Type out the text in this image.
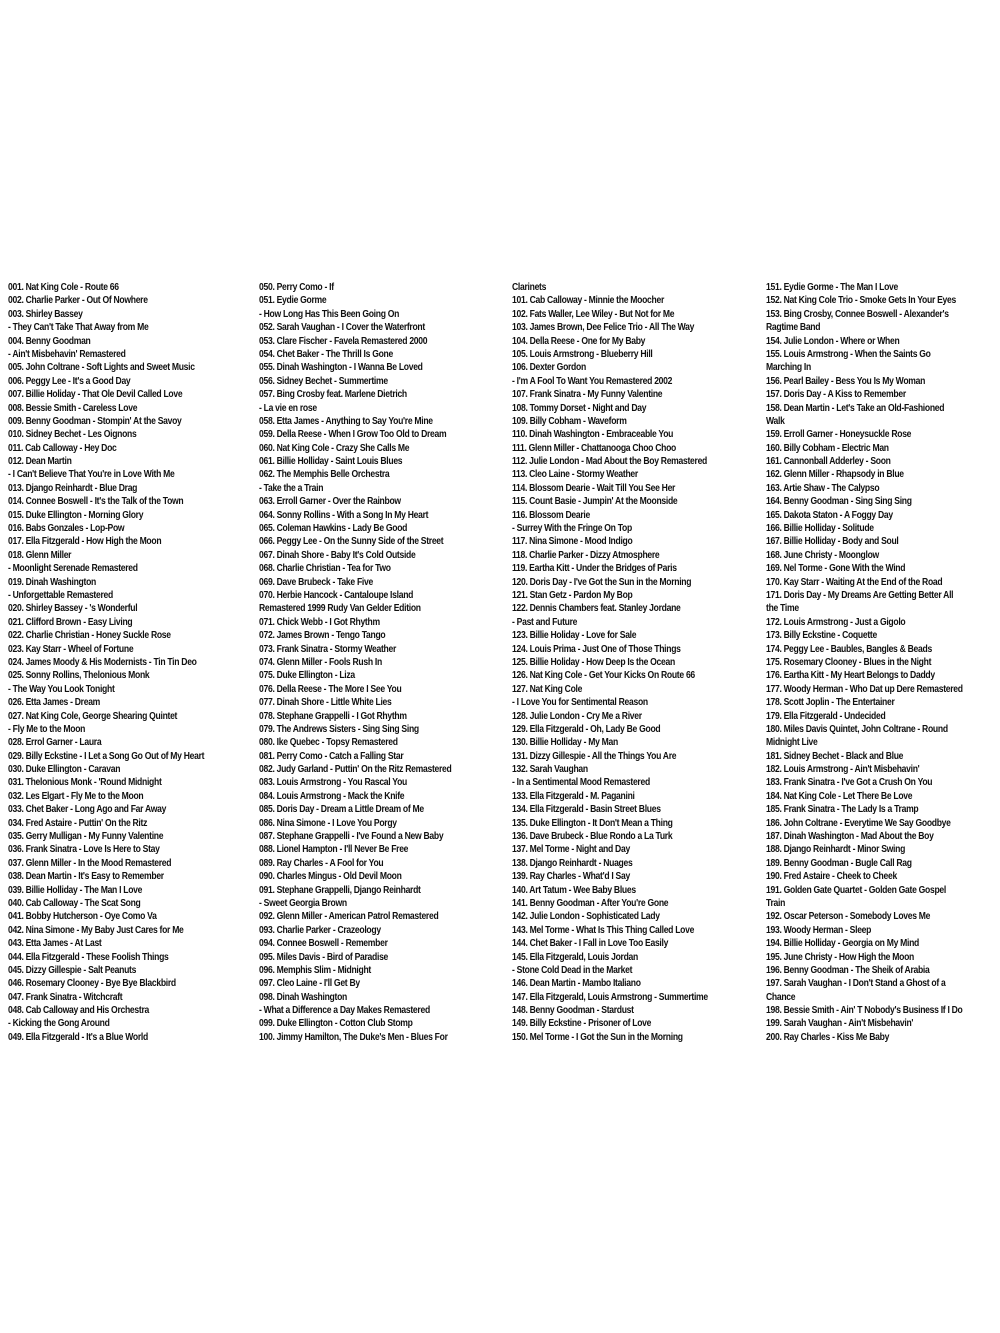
001. Nat King Cole - Route 66
002. Charlie Parker - Out Of Nowhere
003. Shirley Bassey
- They Can't Take That Away from Me
004. Benny Goodman
- Ain't Misbehavin' Remastered
005. John Coltrane - Soft Lights and Sweet Music
006. Peggy Lee - It's a Good Day
007. Billie Holiday - That Ole Devil Called Love
008. Bessie Smith - Careless Love
009. Benny Goodman - Stompin' At the Savoy
010. Sidney Bechet - Les Oignons
011. Cab Calloway - Hey Doc
012. Dean Martin
- I Can't Believe That You're in Love With Me
013. Django Reinhardt - Blue Drag
014. Connee Boswell - It's the Talk of the Town
015. Duke Ellington - Morning Glory
016. Babs Gonzales - Lop-Pow
017. Ella Fitzgerald - How High the Moon
018. Glenn Miller
- Moonlight Serenade Remastered
019. Dinah Washington
- Unforgettable Remastered
020. Shirley Bassey - 's Wonderful
021. Clifford Brown - Easy Living
022. Charlie Christian - Honey Suckle Rose
023. Kay Starr - Wheel of Fortune
024. James Moody & His Modernists - Tin Tin Deo
025. Sonny Rollins, Thelonious Monk
- The Way You Look Tonight
026. Etta James - Dream
027. Nat King Cole, George Shearing Quintet
- Fly Me to the Moon
028. Errol Garner - Laura
029. Billy Eckstine - I Let a Song Go Out of My Heart
030. Duke Ellington - Caravan
031. Thelonious Monk - 'Round Midnight
032. Les Elgart - Fly Me to the Moon
033. Chet Baker - Long Ago and Far Away
034. Fred Astaire - Puttin' On the Ritz
035. Gerry Mulligan - My Funny Valentine
036. Frank Sinatra - Love Is Here to Stay
037. Glenn Miller - In the Mood Remastered
038. Dean Martin - It's Easy to Remember
039. Billie Holliday - The Man I Love
040. Cab Calloway - The Scat Song
041. Bobby Hutcherson - Oye Como Va
042. Nina Simone - My Baby Just Cares for Me
043. Etta James - At Last
044. Ella Fitzgerald - These Foolish Things
045. Dizzy Gillespie - Salt Peanuts
046. Rosemary Clooney - Bye Bye Blackbird
047. Frank Sinatra - Witchcraft
048. Cab Calloway and His Orchestra
- Kicking the Gong Around
049. Ella Fitzgerald - It's a Blue World
050. Perry Como - If
051. Eydie Gorme
- How Long Has This Been Going On
052. Sarah Vaughan - I Cover the Waterfront
053. Clare Fischer - Favela Remastered 2000
054. Chet Baker - The Thrill Is Gone
055. Dinah Washington - I Wanna Be Loved
056. Sidney Bechet - Summertime
057. Bing Crosby feat. Marlene Dietrich
- La vie en rose
058. Etta James - Anything to Say You're Mine
059. Della Reese - When I Grow Too Old to Dream
060. Nat King Cole - Crazy She Calls Me
061. Billie Holliday - Saint Louis Blues
062. The Memphis Belle Orchestra
- Take the a Train
063. Erroll Garner - Over the Rainbow
064. Sonny Rollins - With a Song In My Heart
065. Coleman Hawkins - Lady Be Good
066. Peggy Lee - On the Sunny Side of the Street
067. Dinah Shore - Baby It's Cold Outside
068. Charlie Christian - Tea for Two
069. Dave Brubeck - Take Five
070. Herbie Hancock - Cantaloupe Island
Remastered 1999 Rudy Van Gelder Edition
071. Chick Webb - I Got Rhythm
072. James Brown - Tengo Tango
073. Frank Sinatra - Stormy Weather
074. Glenn Miller - Fools Rush In
075. Duke Ellington - Liza
076. Della Reese - The More I See You
077. Dinah Shore - Little White Lies
078. Stephane Grappelli - I Got Rhythm
079. The Andrews Sisters - Sing Sing Sing
080. Ike Quebec - Topsy Remastered
081. Perry Como - Catch a Falling Star
082. Judy Garland - Puttin' On the Ritz Remastered
083. Louis Armstrong - You Rascal You
084. Louis Armstrong - Mack the Knife
085. Doris Day - Dream a Little Dream of Me
086. Nina Simone - I Love You Porgy
087. Stephane Grappelli - I've Found a New Baby
088. Lionel Hampton - I'll Never Be Free
089. Ray Charles - A Fool for You
090. Charles Mingus - Old Devil Moon
091. Stephane Grappelli, Django Reinhardt
- Sweet Georgia Brown
092. Glenn Miller - American Patrol Remastered
093. Charlie Parker - Crazeology
094. Connee Boswell - Remember
095. Miles Davis - Bird of Paradise
096. Memphis Slim - Midnight
097. Cleo Laine - I'll Get By
098. Dinah Washington
- What a Difference a Day Makes Remastered
099. Duke Ellington - Cotton Club Stomp
100. Jimmy Hamilton, The Duke's Men - Blues For
Clarinets
101. Cab Calloway - Minnie the Moocher
102. Fats Waller, Lee Wiley - But Not for Me
103. James Brown, Dee Felice Trio - All The Way
104. Della Reese - One for My Baby
105. Louis Armstrong - Blueberry Hill
106. Dexter Gordon
- I'm A Fool To Want You Remastered 2002
107. Frank Sinatra - My Funny Valentine
108. Tommy Dorset - Night and Day
109. Billy Cobham - Waveform
110. Dinah Washington - Embraceable You
111. Glenn Miller - Chattanooga Choo Choo
112. Julie London - Mad About the Boy Remastered
113. Cleo Laine - Stormy Weather
114. Blossom Dearie - Wait Till You See Her
115. Count Basie - Jumpin' At the Moonside
116. Blossom Dearie
- Surrey With the Fringe On Top
117. Nina Simone - Mood Indigo
118. Charlie Parker - Dizzy Atmosphere
119. Eartha Kitt - Under the Bridges of Paris
120. Doris Day - I've Got the Sun in the Morning
121. Stan Getz - Pardon My Bop
122. Dennis Chambers feat. Stanley Jordane
- Past and Future
123. Billie Holiday - Love for Sale
124. Louis Prima - Just One of Those Things
125. Billie Holiday - How Deep Is the Ocean
126. Nat King Cole - Get Your Kicks On Route 66
127. Nat King Cole
- I Love You for Sentimental Reason
128. Julie London - Cry Me a River
129. Ella Fitzgerald - Oh, Lady Be Good
130. Billie Holliday - My Man
131. Dizzy Gillespie - All the Things You Are
132. Sarah Vaughan
- In a Sentimental Mood Remastered
133. Ella Fitzgerald - M. Paganini
134. Ella Fitzgerald - Basin Street Blues
135. Duke Ellington - It Don't Mean a Thing
136. Dave Brubeck - Blue Rondo a La Turk
137. Mel Torme - Night and Day
138. Django Reinhardt - Nuages
139. Ray Charles - What'd I Say
140. Art Tatum - Wee Baby Blues
141. Benny Goodman - After You're Gone
142. Julie London - Sophisticated Lady
143. Mel Torme - What Is This Thing Called Love
144. Chet Baker - I Fall in Love Too Easily
145. Ella Fitzgerald, Louis Jordan
- Stone Cold Dead in the Market
146. Dean Martin - Mambo Italiano
147. Ella Fitzgerald, Louis Armstrong - Summertime
148. Benny Goodman - Stardust
149. Billy Eckstine - Prisoner of Love
150. Mel Torme - I Got the Sun in the Morning
151. Eydie Gorme - The Man I Love
152. Nat King Cole Trio - Smoke Gets In Your Eyes
153. Bing Crosby, Connee Boswell - Alexander's
Ragtime Band
154. Julie London - Where or When
155. Louis Armstrong - When the Saints Go
Marching In
156. Pearl Bailey - Bess You Is My Woman
157. Doris Day - A Kiss to Remember
158. Dean Martin - Let's Take an Old-Fashioned
Walk
159. Erroll Garner - Honeysuckle Rose
160. Billy Cobham - Electric Man
161. Cannonball Adderley - Soon
162. Glenn Miller - Rhapsody in Blue
163. Artie Shaw - The Calypso
164. Benny Goodman - Sing Sing Sing
165. Dakota Staton - A Foggy Day
166. Billie Holliday - Solitude
167. Billie Holliday - Body and Soul
168. June Christy - Moonglow
169. Nel Torme - Gone With the Wind
170. Kay Starr - Waiting At the End of the Road
171. Doris Day - My Dreams Are Getting Better All
the Time
172. Louis Armstrong - Just a Gigolo
173. Billy Eckstine - Coquette
174. Peggy Lee - Baubles, Bangles & Beads
175. Rosemary Clooney - Blues in the Night
176. Eartha Kitt - My Heart Belongs to Daddy
177. Woody Herman - Who Dat up Dere Remastered
178. Scott Joplin - The Entertainer
179. Ella Fitzgerald - Undecided
180. Miles Davis Quintet, John Coltrane - Round
Midnight Live
181. Sidney Bechet - Black and Blue
182. Louis Armstrong - Ain't Misbehavin'
183. Frank Sinatra - I've Got a Crush On You
184. Nat King Cole - Let There Be Love
185. Frank Sinatra - The Lady Is a Tramp
186. John Coltrane - Everytime We Say Goodbye
187. Dinah Washington - Mad About the Boy
188. Django Reinhardt - Minor Swing
189. Benny Goodman - Bugle Call Rag
190. Fred Astaire - Cheek to Cheek
191. Golden Gate Quartet - Golden Gate Gospel
Train
192. Oscar Peterson - Somebody Loves Me
193. Woody Herman - Sleep
194. Billie Holliday - Georgia on My Mind
195. June Christy - How High the Moon
196. Benny Goodman - The Sheik of Arabia
197. Sarah Vaughan - I Don't Stand a Ghost of a
Chance
198. Bessie Smith - Ain' T Nobody's Business If I Do
199. Sarah Vaughan - Ain't Misbehavin'
200. Ray Charles - Kiss Me Baby
